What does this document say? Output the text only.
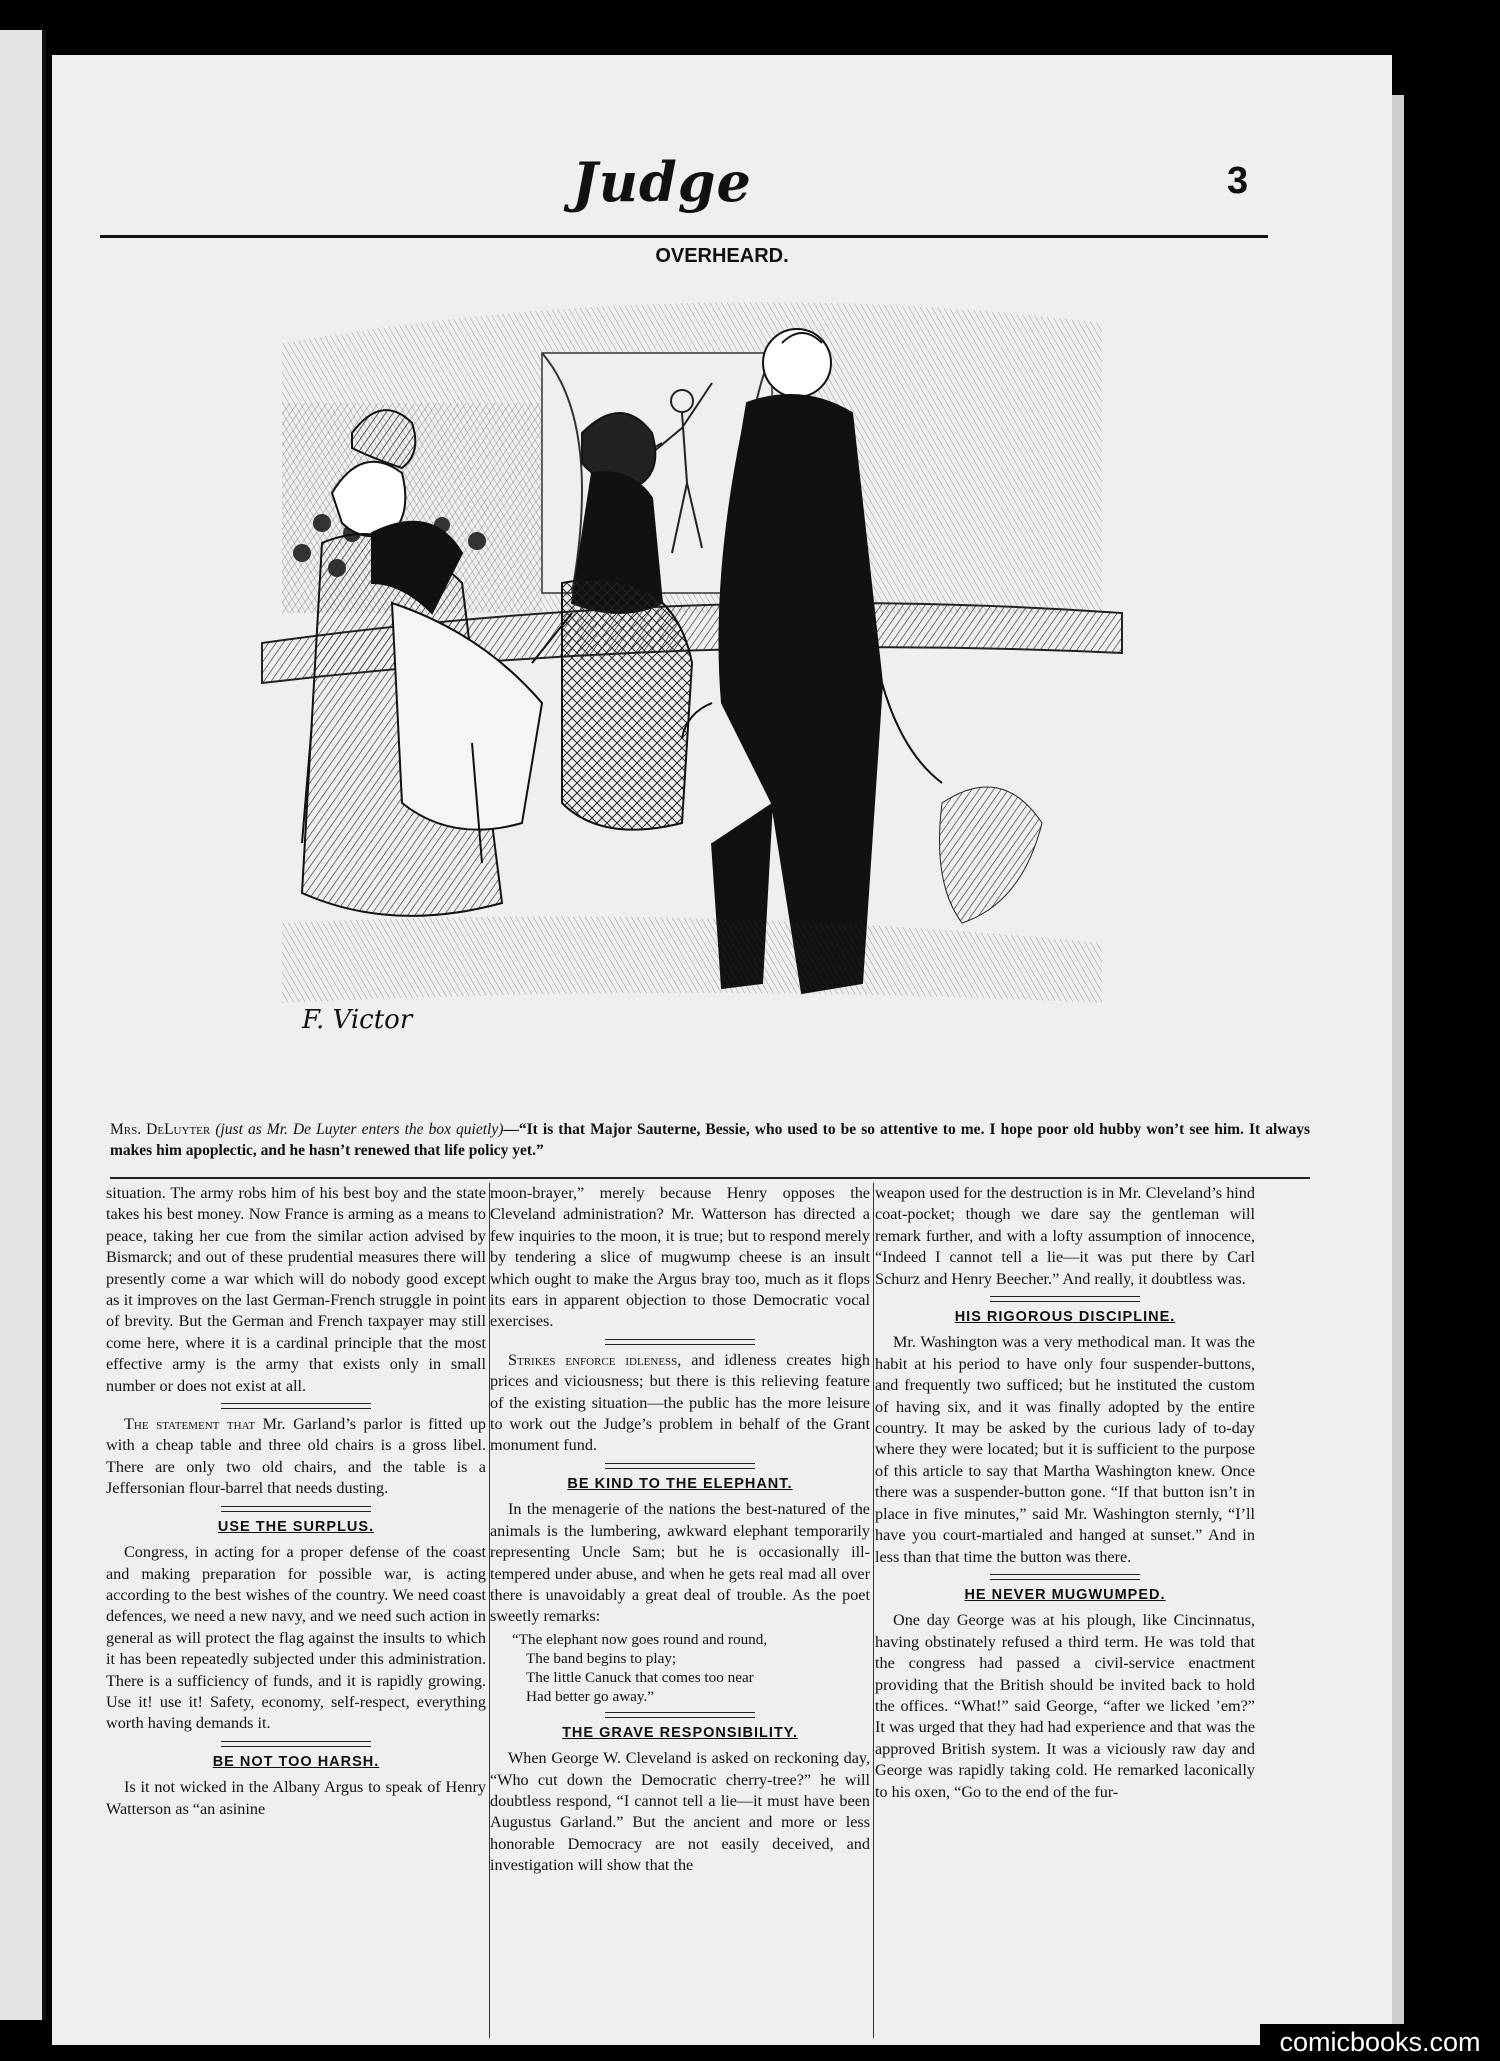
Judge	3
OVERHEARD.
F. Victor
Mrs. DeLuyter (just as Mr. De Luyter enters the box quietly)—“It is that Major Sauterne, Bessie, who used to be so attentive to me. I hope poor old hubby won’t see him. It always makes him apoplectic, and he hasn’t renewed that life policy yet.”

situation. The army robs him of his best boy and the state takes his best money. Now France is arming as a means to peace, taking her cue from the similar action advised by Bismarck; and out of these prudential measures there will presently come a war which will do nobody good except as it improves on the last German-French struggle in point of brevity. But the German and French taxpayer may still come here, where it is a cardinal principle that the most effective army is the army that exists only in small number or does not exist at all.

The statement that Mr. Garland’s parlor is fitted up with a cheap table and three old chairs is a gross libel. There are only two old chairs, and the table is a Jeffersonian flour-barrel that needs dusting.

USE THE SURPLUS.

Congress, in acting for a proper defense of the coast and making preparation for possible war, is acting according to the best wishes of the country. We need coast defences, we need a new navy, and we need such action in general as will protect the flag against the insults to which it has been repeatedly subjected under this administration. There is a sufficiency of funds, and it is rapidly growing. Use it! use it! Safety, economy, self-respect, everything worth having demands it.

BE NOT TOO HARSH.

Is it not wicked in the Albany Argus to speak of Henry Watterson as “an asinine

moon-brayer,” merely because Henry opposes the Cleveland administration? Mr. Watterson has directed a few inquiries to the moon, it is true; but to respond merely by tendering a slice of mugwump cheese is an insult which ought to make the Argus bray too, much as it flops its ears in apparent objection to those Democratic vocal exercises.

Strikes enforce idleness, and idleness creates high prices and viciousness; but there is this relieving feature of the existing situation—the public has the more leisure to work out the Judge’s problem in behalf of the Grant monument fund.

BE KIND TO THE ELEPHANT.

In the menagerie of the nations the best-natured of the animals is the lumbering, awkward elephant temporarily representing Uncle Sam; but he is occasionally ill-tempered under abuse, and when he gets real mad all over there is unavoidably a great deal of trouble. As the poet sweetly remarks:

“The elephant now goes round and round,
The band begins to play;
The little Canuck that comes too near
Had better go away.”
THE GRAVE RESPONSIBILITY.

When George W. Cleveland is asked on reckoning day, “Who cut down the Democratic cherry-tree?” he will doubtless respond, “I cannot tell a lie—it must have been Augustus Garland.” But the ancient and more or less honorable Democracy are not easily deceived, and investigation will show that the

weapon used for the destruction is in Mr. Cleveland’s hind coat-pocket; though we dare say the gentleman will remark further, and with a lofty assumption of innocence, “Indeed I cannot tell a lie—it was put there by Carl Schurz and Henry Beecher.” And really, it doubtless was.

HIS RIGOROUS DISCIPLINE.

Mr. Washington was a very methodical man. It was the habit at his period to have only four suspender-buttons, and frequently two sufficed; but he instituted the custom of having six, and it was finally adopted by the entire country. It may be asked by the curious lady of to-day where they were located; but it is sufficient to the purpose of this article to say that Martha Washington knew. Once there was a suspender-button gone. “If that button isn’t in place in five minutes,” said Mr. Washington sternly, “I’ll have you court-martialed and hanged at sunset.” And in less than that time the button was there.

HE NEVER MUGWUMPED.

One day George was at his plough, like Cincinnatus, having obstinately refused a third term. He was told that the congress had passed a civil-service enactment providing that the British should be invited back to hold the offices. “What!” said George, “after we licked ’em?” It was urged that they had had experience and that was the approved British system. It was a viciously raw day and George was rapidly taking cold. He remarked laconically to his oxen, “Go to the end of the fur-

comicbooks.com
